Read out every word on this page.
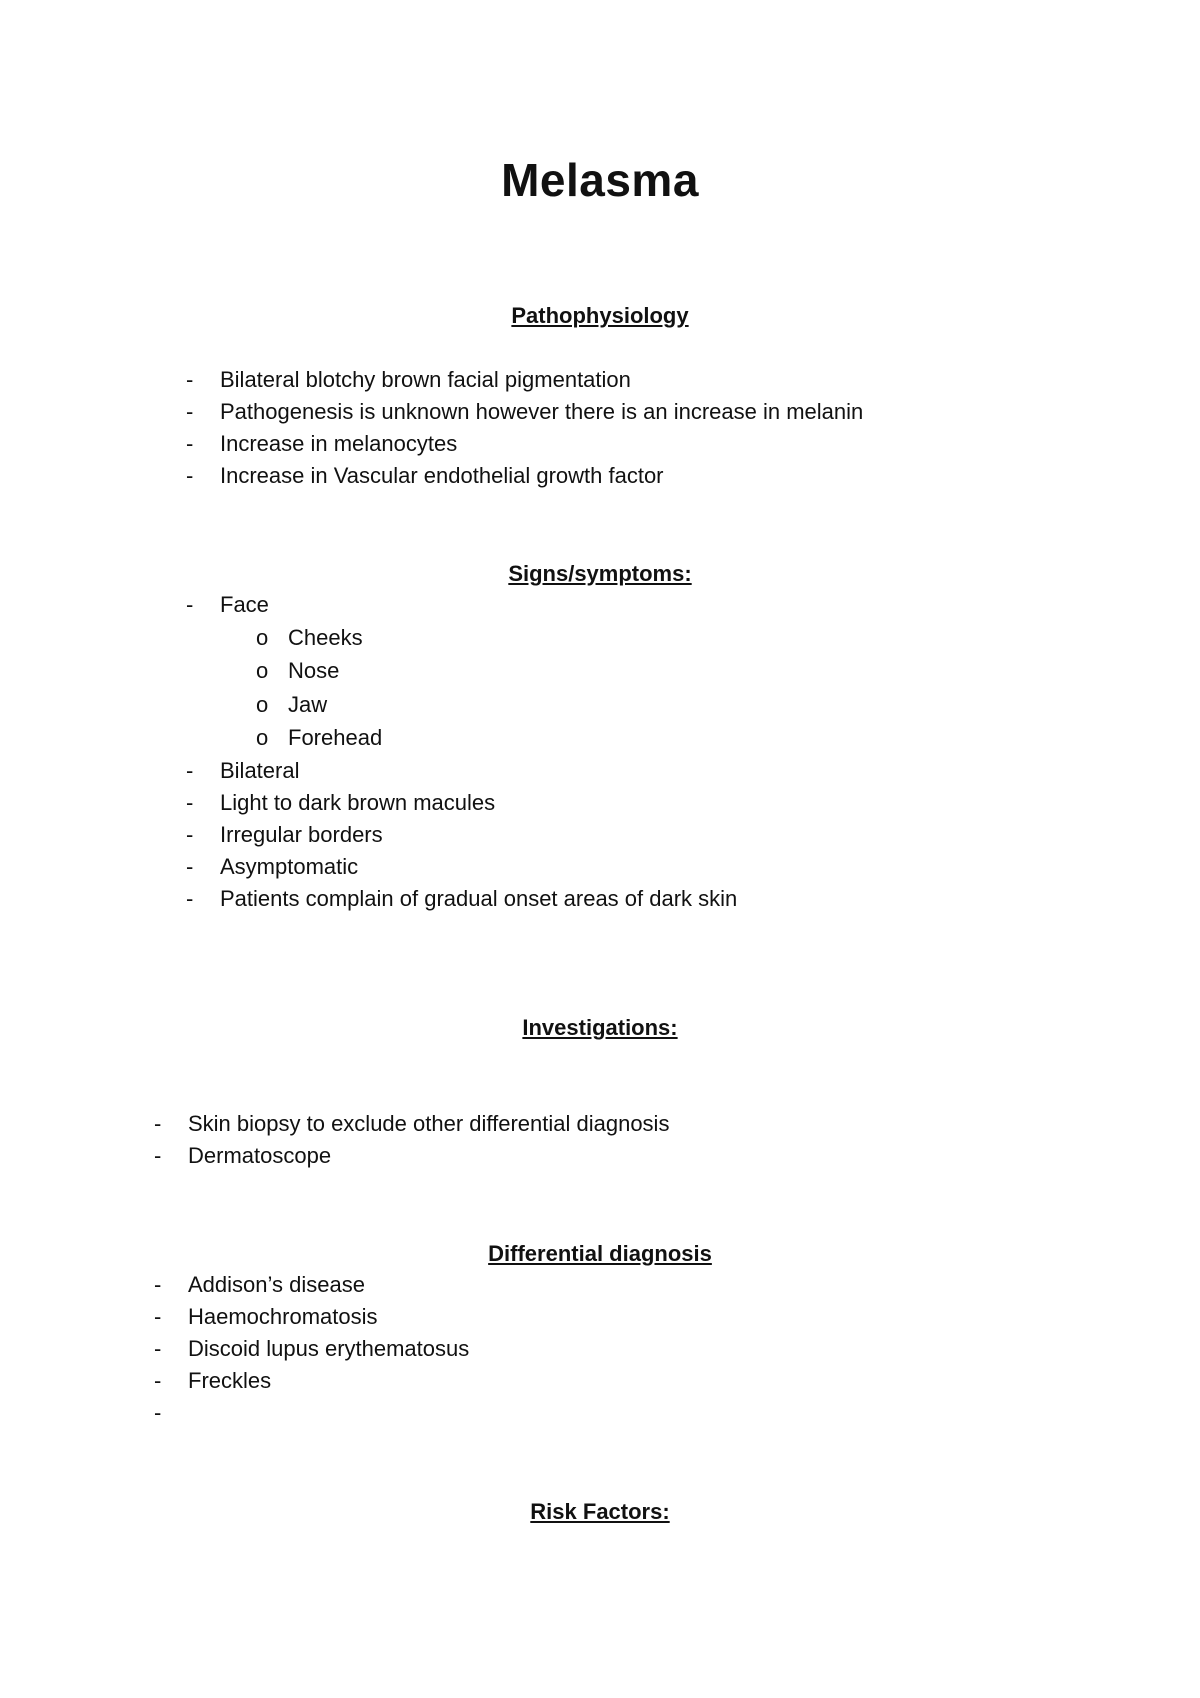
Melasma
Pathophysiology
- Bilateral blotchy brown facial pigmentation
- Pathogenesis is unknown however there is an increase in melanin
- Increase in melanocytes
- Increase in Vascular endothelial growth factor
Signs/symptoms:
- Face
o Cheeks
o Nose
o Jaw
o Forehead
- Bilateral
- Light to dark brown macules
- Irregular borders
- Asymptomatic
- Patients complain of gradual onset areas of dark skin
Investigations:
- Skin biopsy to exclude other differential diagnosis
- Dermatoscope
Differential diagnosis
- Addison’s disease
- Haemochromatosis
- Discoid lupus erythematosus
- Freckles
-
Risk Factors:
